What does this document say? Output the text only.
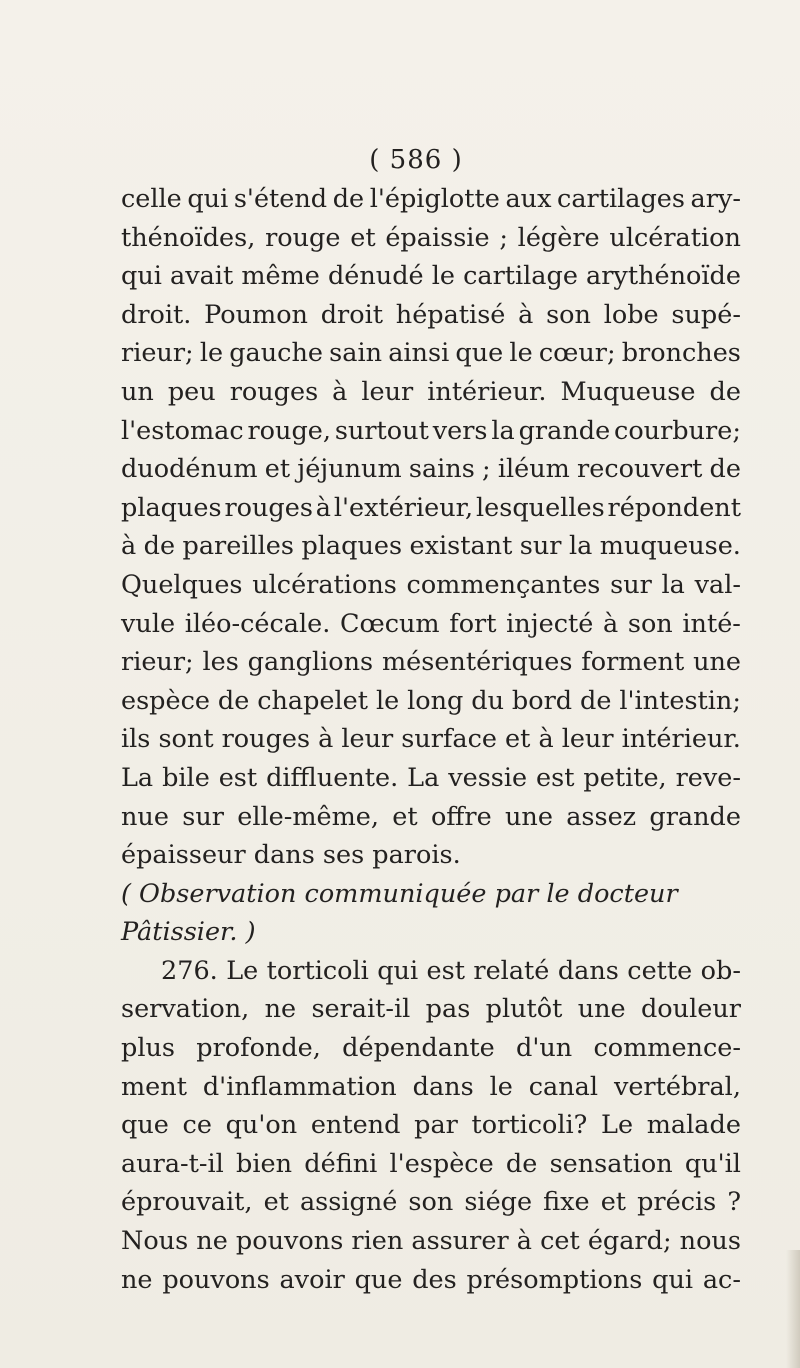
( 586 )
celle qui s'étend de l'épiglotte aux cartilages ary-
thénoïdes, rouge et épaissie ; légère ulcération
qui avait même dénudé le cartilage arythénoïde
droit. Poumon droit hépatisé à son lobe supé-
rieur; le gauche sain ainsi que le cœur; bronches
un peu rouges à leur intérieur. Muqueuse de
l'estomac rouge, surtout vers la grande courbure;
duodénum et jéjunum sains ; iléum recouvert de
plaques rouges à l'extérieur, lesquelles répondent
à de pareilles plaques existant sur la muqueuse.
Quelques ulcérations commençantes sur la val-
vule iléo-cécale. Cœcum fort injecté à son inté-
rieur; les ganglions mésentériques forment une
espèce de chapelet le long du bord de l'intestin;
ils sont rouges à leur surface et à leur intérieur.
La bile est diffluente. La vessie est petite, reve-
nue sur elle-même, et offre une assez grande
épaisseur dans ses parois.
( Observation communiquée par le docteur
Pâtissier. )
276. Le torticoli qui est relaté dans cette ob-
servation, ne serait-il pas plutôt une douleur
plus profonde, dépendante d'un commence-
ment d'inflammation dans le canal vertébral,
que ce qu'on entend par torticoli? Le malade
aura-t-il bien défini l'espèce de sensation qu'il
éprouvait, et assigné son siége fixe et précis ?
Nous ne pouvons rien assurer à cet égard; nous
ne pouvons avoir que des présomptions qui ac-
